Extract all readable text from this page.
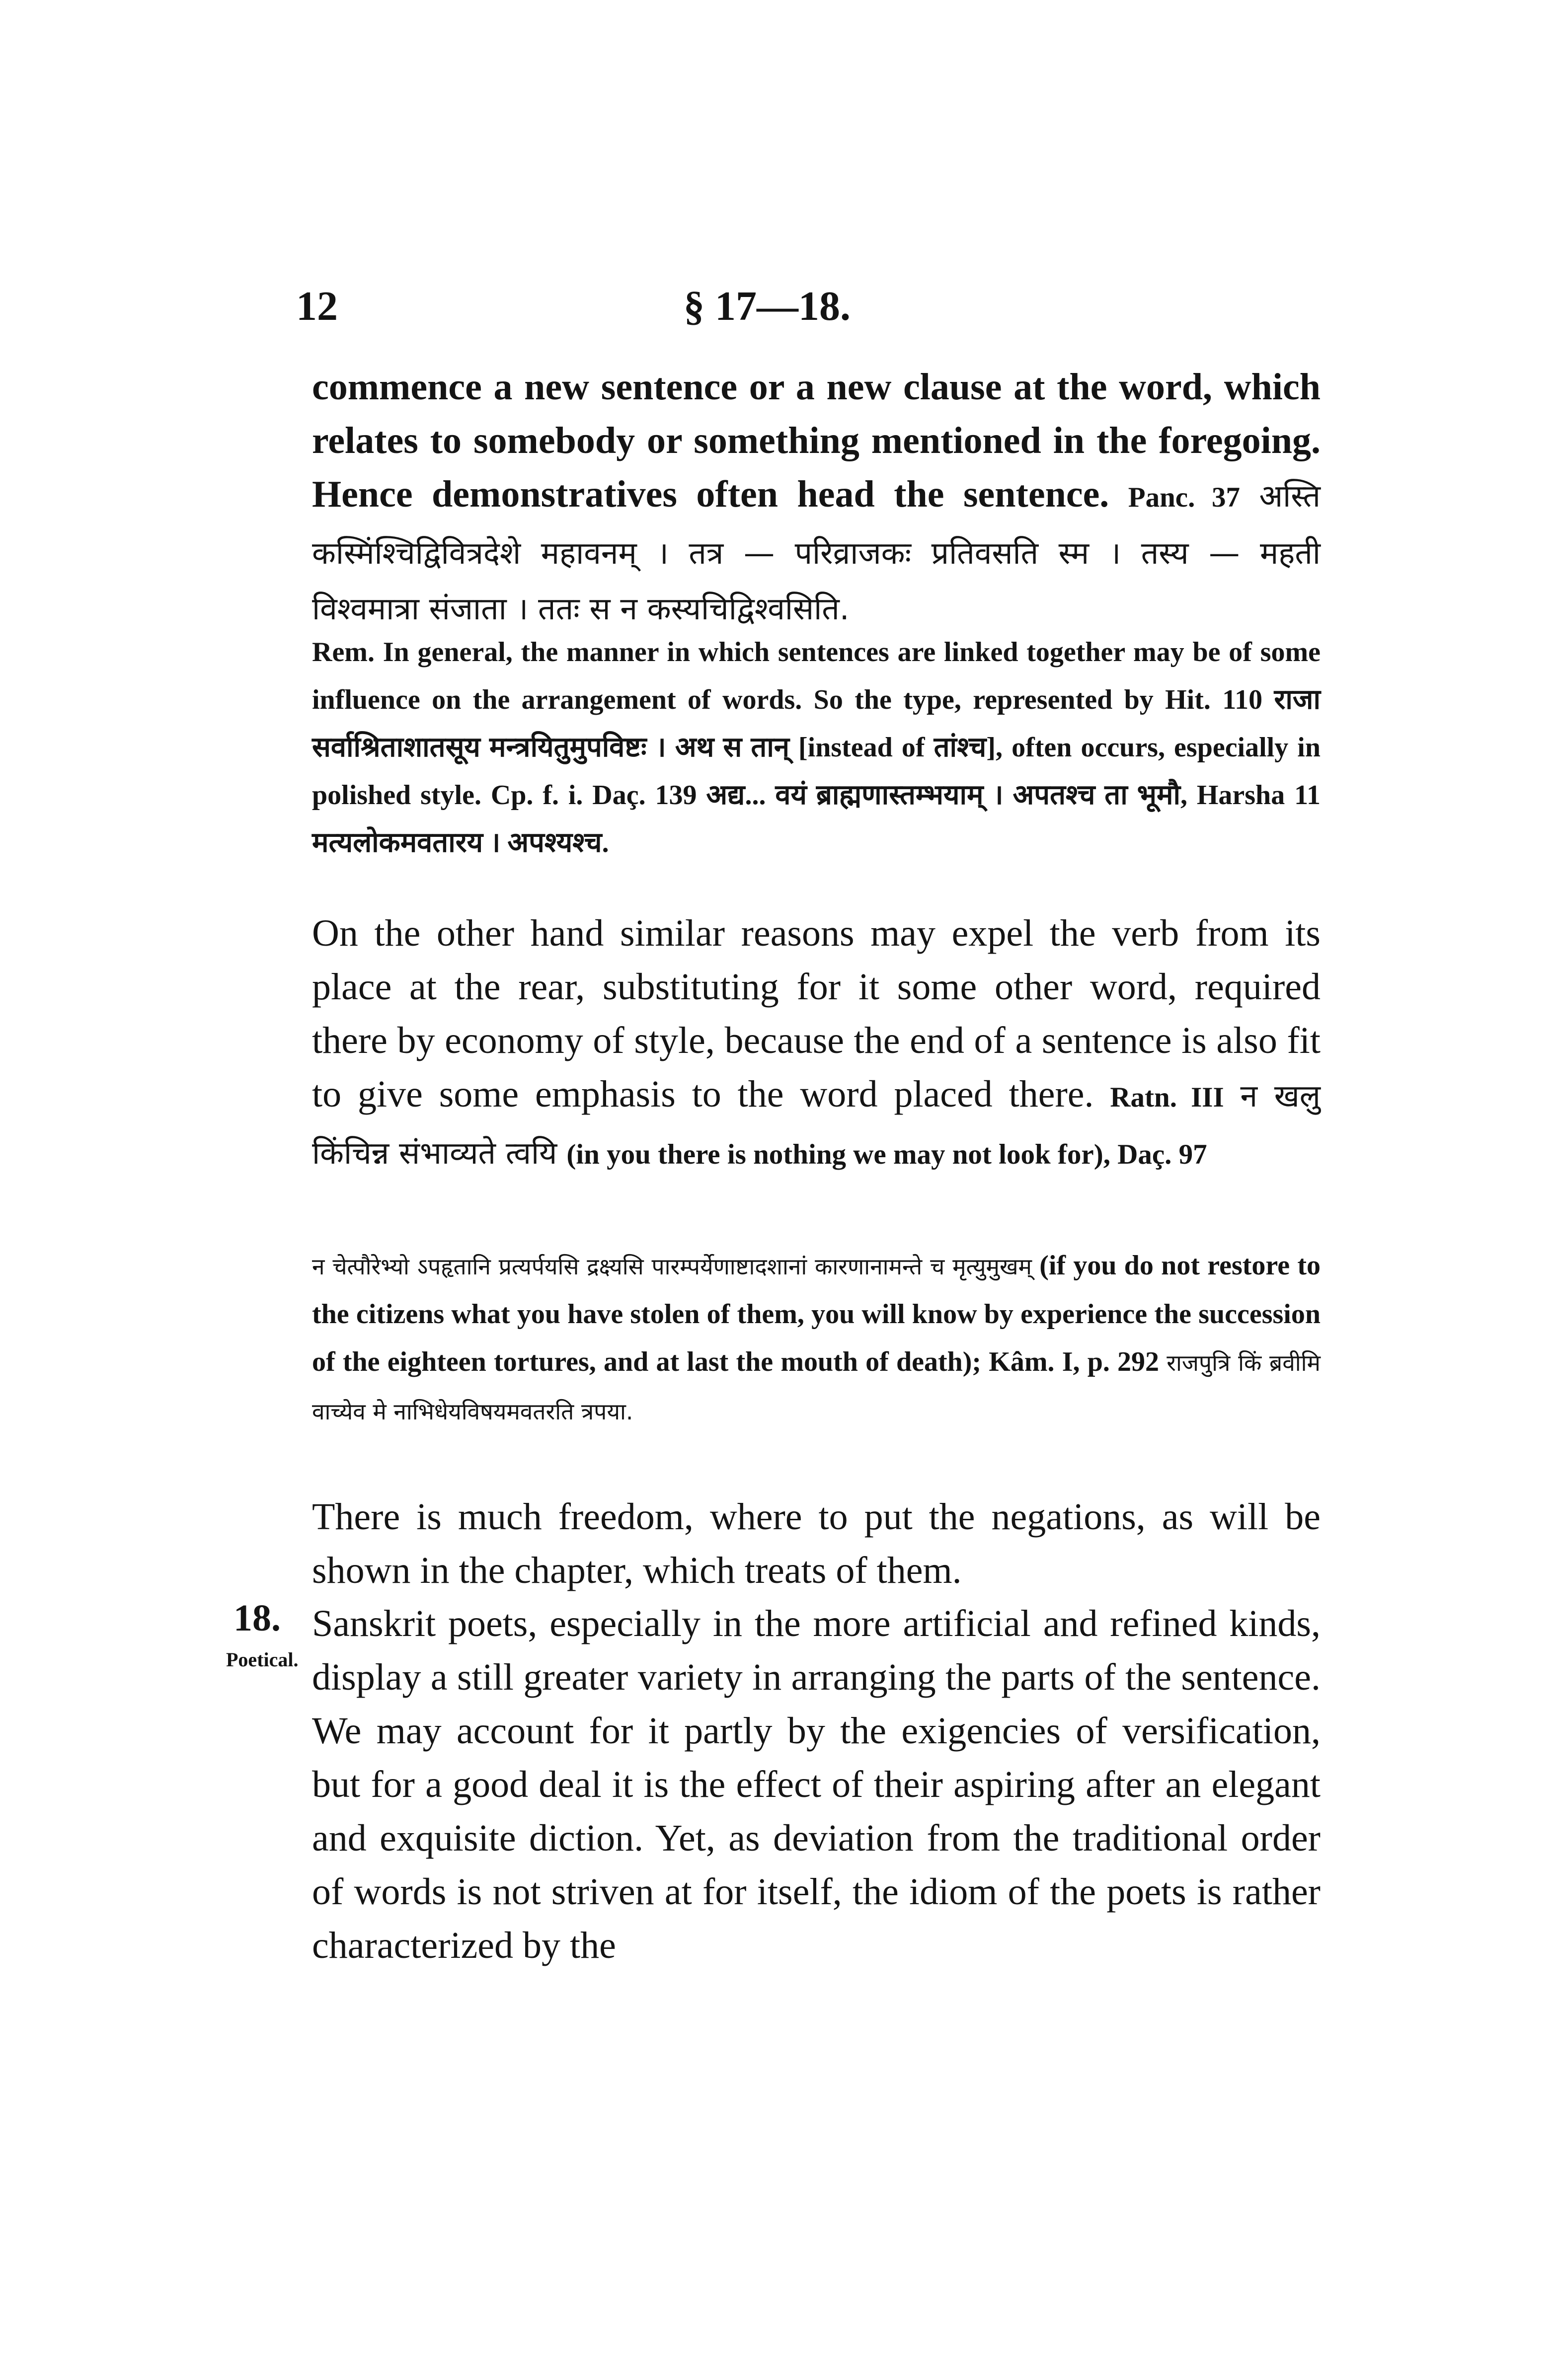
12	§ 17—18.

commence a new sentence or a new clause at the word, which relates to somebody or something mentioned in the foregoing. Hence demonstratives often head the sentence. Panc. 37 अस्ति कस्मिंश्चिद्विवित्रदेशे महावनम् । तत्र — परिव्राजकः प्रतिवसति स्म । तस्य — महती विश्वमात्रा संजाता । ततः स न कस्यचिद्विश्वसिति.

Rem. In general, the manner in which sentences are linked together may be of some influence on the arrangement of words. So the type, represented by Hit. 110 राजा सर्वाश्रिताशातसूय मन्त्रयितुमुपविष्टः । अथ स तान् [instead of तांश्च], often occurs, especially in polished style. Cp. f. i. Daç. 139 अद्य... वयं ब्राह्मणास्तम्भयाम् । अपतश्च ता भूमौ, Harsha 11 मत्यलोकमवतारय । अपश्यश्च.

On the other hand similar reasons may expel the verb from its place at the rear, substituting for it some other word, required there by economy of style, because the end of a sentence is also fit to give some emphasis to the word placed there. Ratn. III न खलु किंचिन्न संभाव्यते त्वयि (in you there is nothing we may not look for), Daç. 97

न चेत्पौरेभ्यो ऽपहृतानि प्रत्यर्पयसि द्रक्ष्यसि पारम्पर्येणाष्टादशानां कारणानामन्ते च मृत्युमुखम् (if you do not restore to the citizens what you have stolen of them, you will know by experience the succession of the eighteen tortures, and at last the mouth of death); Kâm. I, p. 292 राजपुत्रि किं ब्रवीमि वाच्येव मे नाभिधेयविषयमवतरति त्रपया.

There is much freedom, where to put the negations, as will be shown in the chapter, which treats of them.

18.
Poetical.

Sanskrit poets, especially in the more artificial and refined kinds, display a still greater variety in arranging the parts of the sentence. We may account for it partly by the exigencies of versification, but for a good deal it is the effect of their aspiring after an elegant and exquisite diction. Yet, as deviation from the traditional order of words is not striven at for itself, the idiom of the poets is rather characterized by the
